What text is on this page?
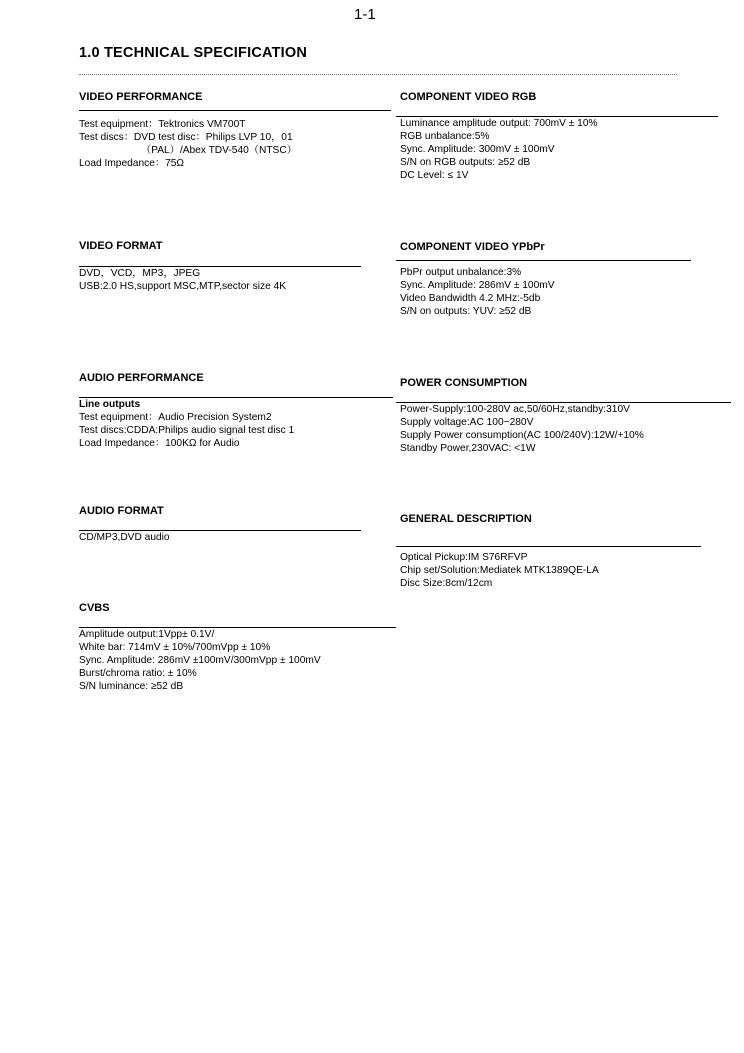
1-1
1.0 TECHNICAL SPECIFICATION
VIDEO PERFORMANCE
Test equipment：Tektronics VM700T
Test discs：DVD test disc：Philips LVP 10，01
（PAL）/Abex TDV-540（NTSC）
Load Impedance：75Ω
COMPONENT VIDEO RGB
Luminance amplitude output: 700mV ± 10%
RGB unbalance:5%
Sync. Amplitude: 300mV ± 100mV
S/N on RGB outputs: ≥52 dB
DC Level: ≤ 1V
VIDEO FORMAT
DVD，VCD，MP3，JPEG
USB:2.0 HS,support MSC,MTP,sector size 4K
COMPONENT VIDEO YPbPr
PbPr output unbalance:3%
Sync. Amplitude: 286mV ± 100mV
Video Bandwidth 4.2 MHz:-5db
S/N on outputs: YUV: ≥52 dB
AUDIO PERFORMANCE
Line outputs
Test equipment：Audio Precision System2
Test discs:CDDA:Philips audio signal test disc 1
Load Impedance：100KΩ for Audio
POWER CONSUMPTION
Power-Supply:100-280V ac,50/60Hz,standby:310V
Supply voltage:AC 100~280V
Supply Power consumption(AC 100/240V):12W/+10%
Standby Power,230VAC: <1W
AUDIO FORMAT
CD/MP3,DVD audio
GENERAL DESCRIPTION
Optical Pickup:IM S76RFVP
Chip set/Solution:Mediatek MTK1389QE-LA
Disc Size:8cm/12cm
CVBS
Amplitude output:1Vpp± 0.1V/
White bar: 714mV ± 10%/700mVpp ± 10%
Sync. Amplitude: 286mV ±100mV/300mVpp ± 100mV
Burst/chroma ratio: ± 10%
S/N luminance: ≥52 dB
